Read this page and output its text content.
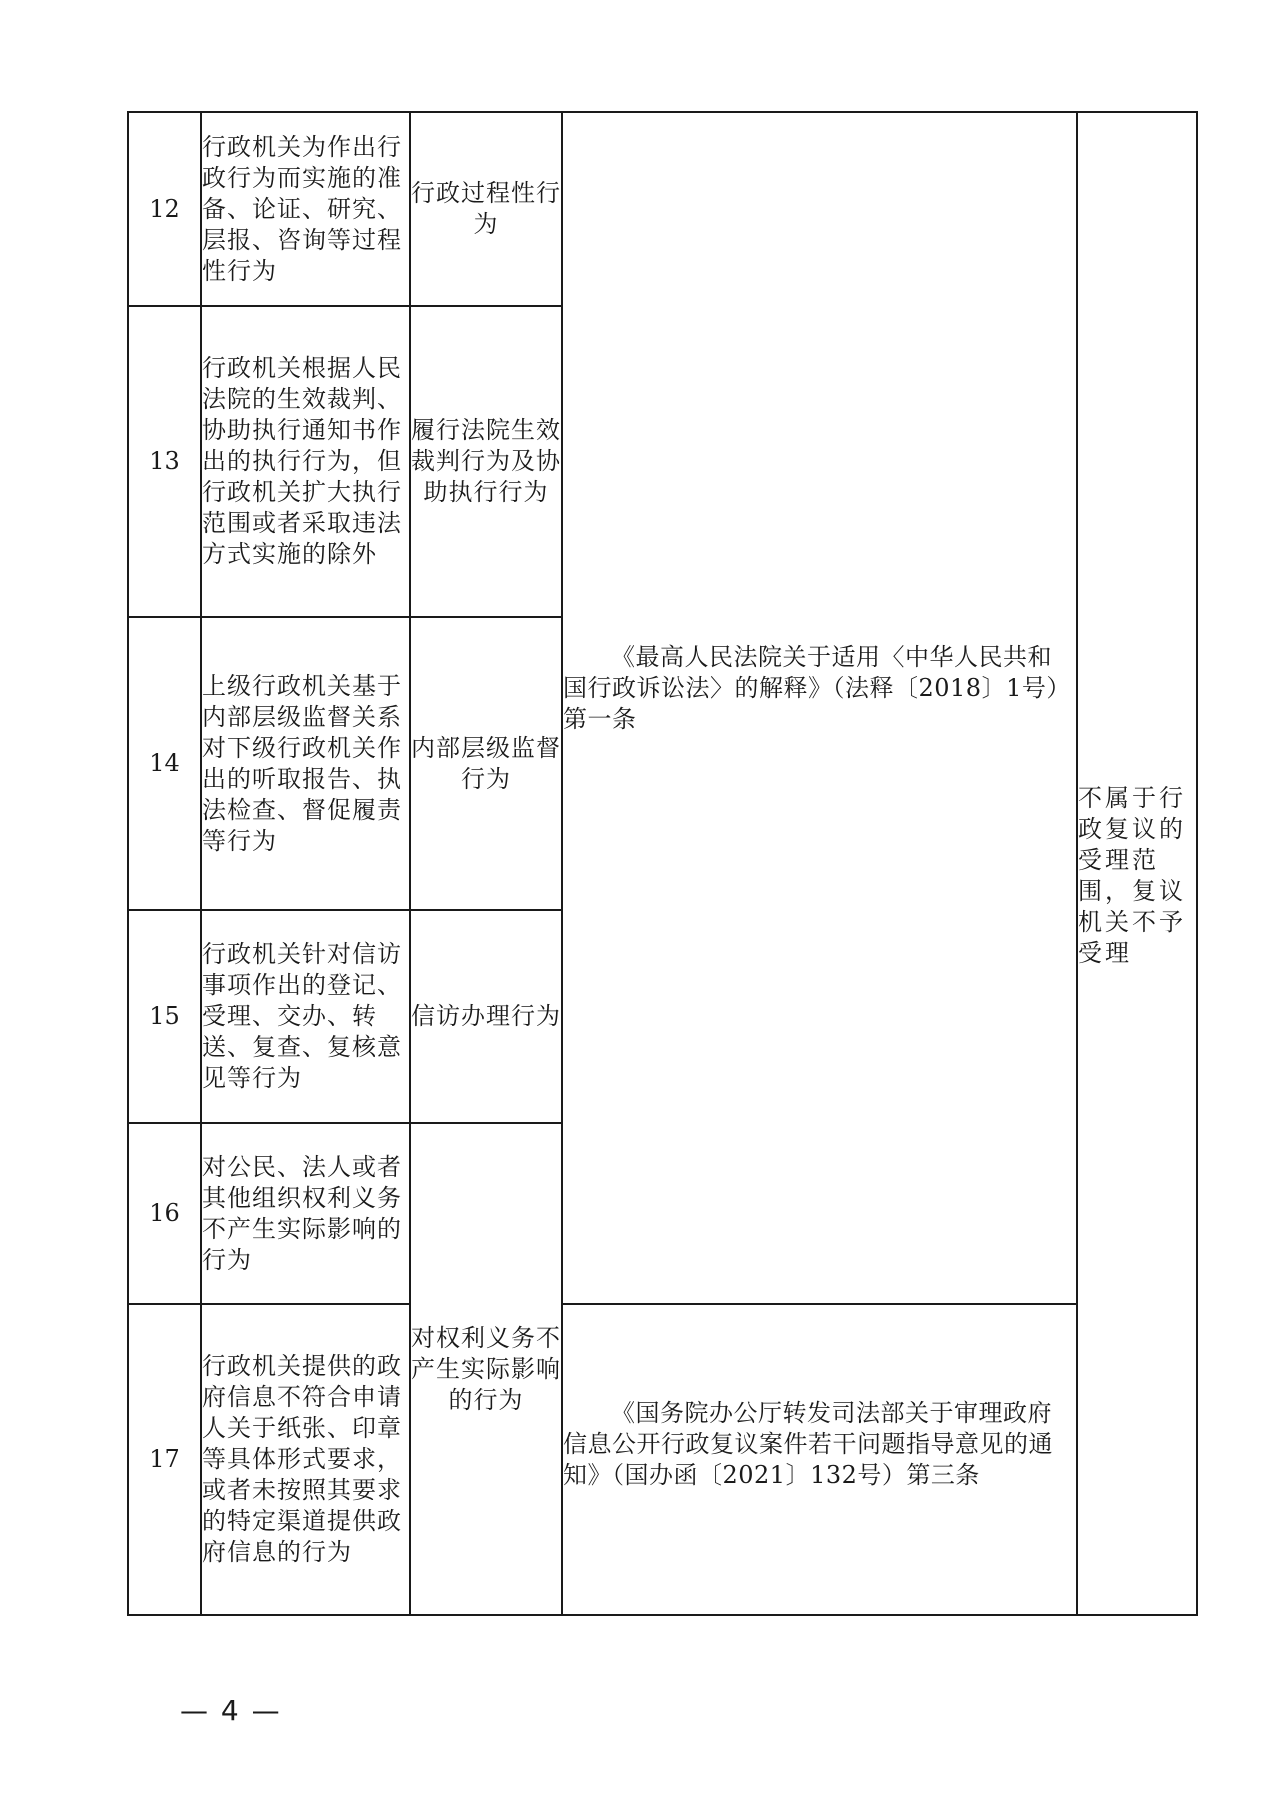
12	行政机关为作出行政行为而实施的准备、论证、研究、层报、咨询等过程性行为	行政过程性行为	《最高人民法院关于适用〈中华人民共和国行政诉讼法〉的解释》（法释〔2018〕1号）第一条	不属于行政复议的受理范围，复议机关不予受理

13	行政机关根据人民法院的生效裁判、协助执行通知书作出的执行行为，但行政机关扩大执行范围或者采取违法方式实施的除外	履行法院生效裁判行为及协助执行行为		
14	上级行政机关基于内部层级监督关系对下级行政机关作出的听取报告、执法检查、督促履责等行为	内部层级监督行为		
15	行政机关针对信访事项作出的登记、受理、交办、转送、复查、复核意见等行为	信访办理行为		
16	对公民、法人或者其他组织权利义务不产生实际影响的行为	对权利义务不产生实际影响的行为		
17	行政机关提供的政府信息不符合申请人关于纸张、印章等具体形式要求，或者未按照其要求的特定渠道提供政府信息的行为		《国务院办公厅转发司法部关于审理政府信息公开行政复议案件若干问题指导意见的通知》（国办函〔2021〕132号）第三条	
— 4 —
